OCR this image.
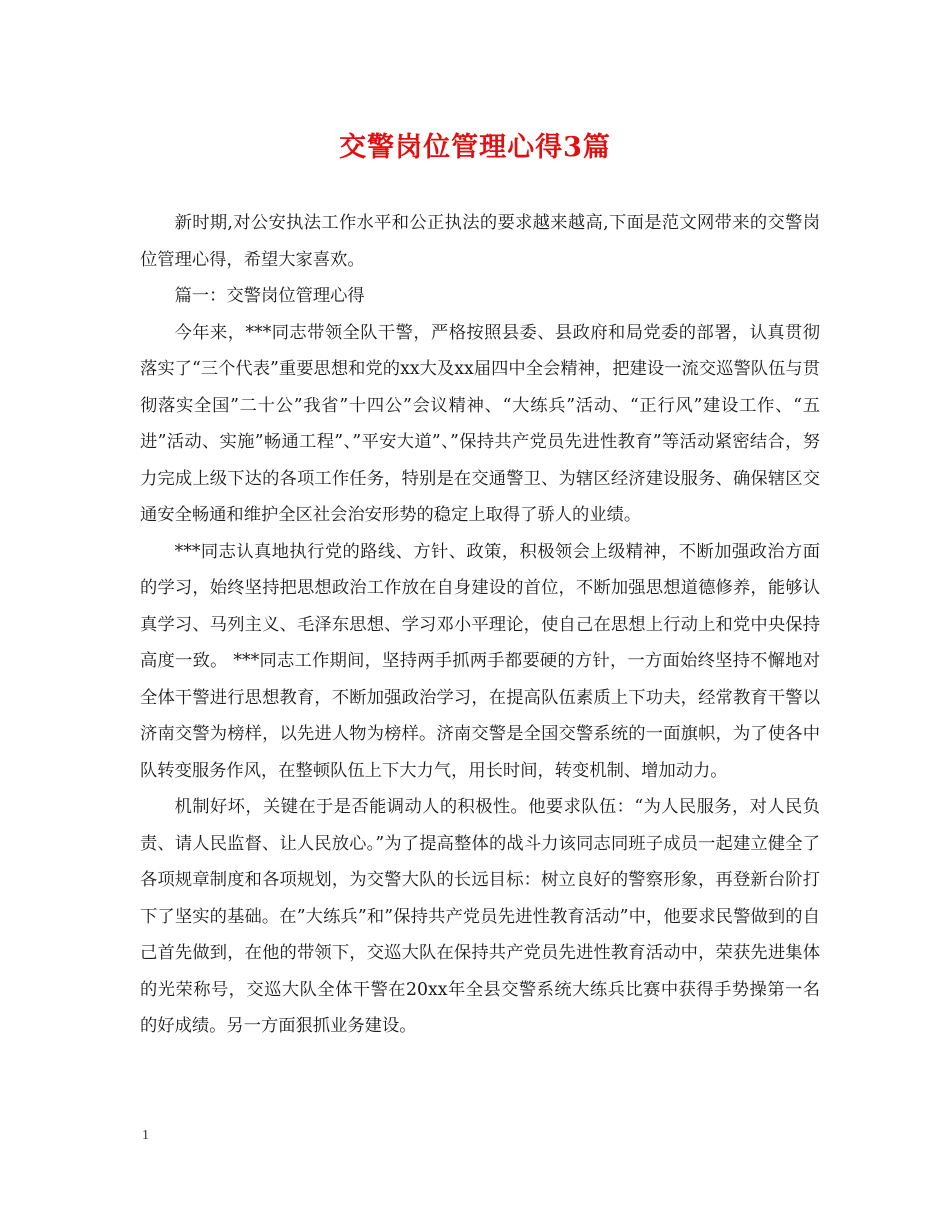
交警岗位管理心得3篇

新时期,对公安执法工作水平和公正执法的要求越来越高,下面是范文网带来的交警岗位管理心得，希望大家喜欢。

篇一：交警岗位管理心得

今年来，***同志带领全队干警，严格按照县委、县政府和局党委的部署，认真贯彻落实了“三个代表”重要思想和党的xx大及xx届四中全会精神，把建设一流交巡警队伍与贯彻落实全国”二十公”我省”十四公”会议精神、“大练兵”活动、“正行风”建设工作、“五进”活动、实施”畅通工程”、”平安大道”、”保持共产党员先进性教育”等活动紧密结合，努力完成上级下达的各项工作任务，特别是在交通警卫、为辖区经济建设服务、确保辖区交通安全畅通和维护全区社会治安形势的稳定上取得了骄人的业绩。

***同志认真地执行党的路线、方针、政策，积极领会上级精神，不断加强政治方面的学习，始终坚持把思想政治工作放在自身建设的首位，不断加强思想道德修养，能够认真学习、马列主义、毛泽东思想、学习邓小平理论，使自己在思想上行动上和党中央保持高度一致。 ***同志工作期间，坚持两手抓两手都要硬的方针，一方面始终坚持不懈地对全体干警进行思想教育，不断加强政治学习，在提高队伍素质上下功夫，经常教育干警以济南交警为榜样，以先进人物为榜样。济南交警是全国交警系统的一面旗帜，为了使各中队转变服务作风，在整顿队伍上下大力气，用长时间，转变机制、增加动力。

机制好坏，关键在于是否能调动人的积极性。他要求队伍：“为人民服务，对人民负责、请人民监督、让人民放心。”为了提高整体的战斗力该同志同班子成员一起建立健全了各项规章制度和各项规划，为交警大队的长远目标：树立良好的警察形象，再登新台阶打下了坚实的基础。在”大练兵”和”保持共产党员先进性教育活动”中，他要求民警做到的自己首先做到，在他的带领下，交巡大队在保持共产党员先进性教育活动中，荣获先进集体的光荣称号，交巡大队全体干警在20xx年全县交警系统大练兵比赛中获得手势操第一名的好成绩。另一方面狠抓业务建设。

1
